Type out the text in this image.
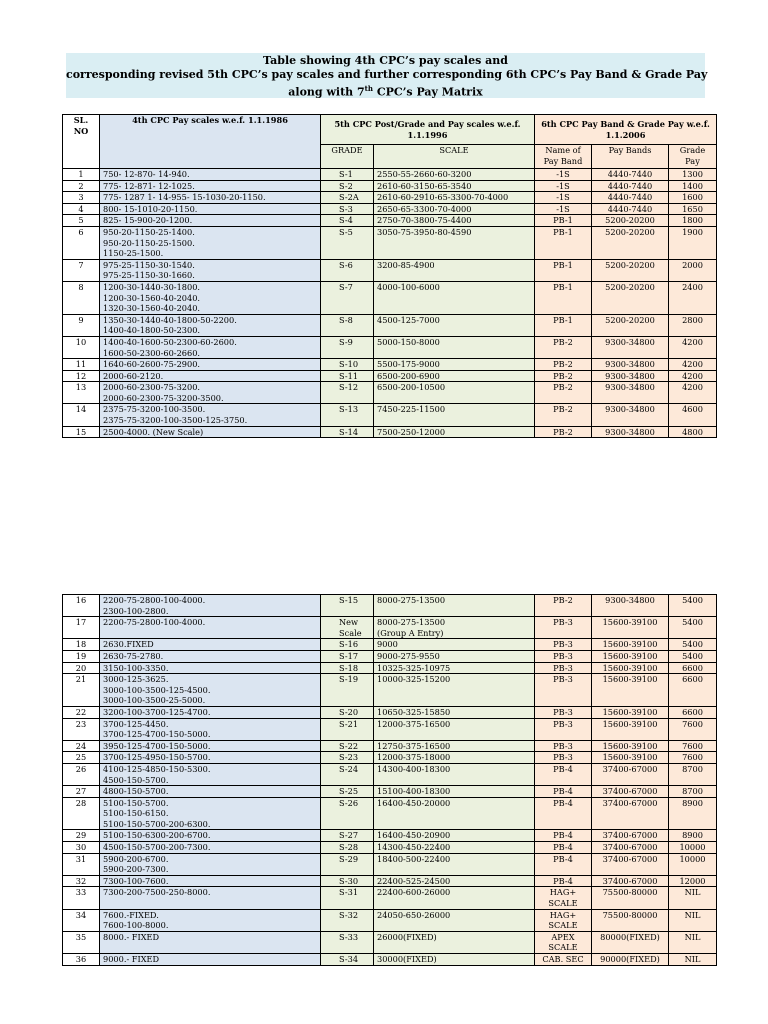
Table showing 4th CPC’s pay scales and
corresponding revised 5th CPC’s pay scales and further corresponding 6th CPC’s Pay Band & Grade Pay
along with 7th CPC’s Pay Matrix
SL. NO	4th CPC Pay scales w.e.f. 1.1.1986	5th CPC Post/Grade and Pay scales w.e.f. 1.1.1996		6th CPC Pay Band & Grade Pay w.e.f. 1.1.2006		
		GRADE	SCALE	Name of Pay Band	Pay Bands	Grade Pay
1	750- 12-870- 14-940.	S-1	2550-55-2660-60-3200	-1S	4440-7440	1300
2	775- 12-871- 12-1025.	S-2	2610-60-3150-65-3540	-1S	4440-7440	1400
3	775- 1287 1- 14-955- 15-1030-20-1150.	S-2A	2610-60-2910-65-3300-70-4000	-1S	4440-7440	1600
4	800- 15-1010-20-1150.	S-3	2650-65-3300-70-4000	-1S	4440-7440	1650
5	825- 15-900-20-1200.	S-4	2750-70-3800-75-4400	PB-1	5200-20200	1800
6	950-20-1150-25-1400.
950-20-1150-25-1500.
1150-25-1500.	S-5	3050-75-3950-80-4590	PB-1	5200-20200	1900
7	975-25-1150-30-1540.
975-25-1150-30-1660.	S-6	3200-85-4900	PB-1	5200-20200	2000
8	1200-30-1440-30-1800.
1200-30-1560-40-2040.
1320-30-1560-40-2040.	S-7	4000-100-6000	PB-1	5200-20200	2400
9	1350-30-1440-40-1800-50-2200.
1400-40-1800-50-2300.	S-8	4500-125-7000	PB-1	5200-20200	2800
10	1400-40-1600-50-2300-60-2600.
1600-50-2300-60-2660.	S-9	5000-150-8000	PB-2	9300-34800	4200
11	1640-60-2600-75-2900.	S-10	5500-175-9000	PB-2	9300-34800	4200
12	2000-60-2120.	S-11	6500-200-6900	PB-2	9300-34800	4200
13	2000-60-2300-75-3200.
2000-60-2300-75-3200-3500.	S-12	6500-200-10500	PB-2	9300-34800	4200
14	2375-75-3200-100-3500.
2375-75-3200-100-3500-125-3750.	S-13	7450-225-11500	PB-2	9300-34800	4600
15	2500-4000. (New Scale)	S-14	7500-250-12000	PB-2	9300-34800	4800
16	2200-75-2800-100-4000.
2300-100-2800.	S-15	8000-275-13500	PB-2	9300-34800	5400
17	2200-75-2800-100-4000.	New Scale	8000-275-13500
(Group A Entry)	PB-3	15600-39100	5400
18	2630.FIXED	S-16	9000	PB-3	15600-39100	5400
19	2630-75-2780.	S-17	9000-275-9550	PB-3	15600-39100	5400
20	3150-100-3350.	S-18	10325-325-10975	PB-3	15600-39100	6600
21	3000-125-3625.
3000-100-3500-125-4500.
3000-100-3500-25-5000.	S-19	10000-325-15200	PB-3	15600-39100	6600
22	3200-100-3700-125-4700.	S-20	10650-325-15850	PB-3	15600-39100	6600
23	3700-125-4450.
3700-125-4700-150-5000.	S-21	12000-375-16500	PB-3	15600-39100	7600
24	3950-125-4700-150-5000.	S-22	12750-375-16500	PB-3	15600-39100	7600
25	3700-125-4950-150-5700.	S-23	12000-375-18000	PB-3	15600-39100	7600
26	4100-125-4850-150-5300.
4500-150-5700.	S-24	14300-400-18300	PB-4	37400-67000	8700
27	4800-150-5700.	S-25	15100-400-18300	PB-4	37400-67000	8700
28	5100-150-5700.
5100-150-6150.
5100-150-5700-200-6300.	S-26	16400-450-20000	PB-4	37400-67000	8900
29	5100-150-6300-200-6700.	S-27	16400-450-20900	PB-4	37400-67000	8900
30	4500-150-5700-200-7300.	S-28	14300-450-22400	PB-4	37400-67000	10000
31	5900-200-6700.
5900-200-7300.	S-29	18400-500-22400	PB-4	37400-67000	10000
32	7300-100-7600.	S-30	22400-525-24500	PB-4	37400-67000	12000
33	7300-200-7500-250-8000.	S-31	22400-600-26000	HAG+
SCALE	75500-80000	NIL
34	7600.-FIXED.
7600-100-8000.	S-32	24050-650-26000	HAG+
SCALE	75500-80000	NIL
35	8000.- FIXED	S-33	26000(FIXED)	APEX
SCALE	80000(FIXED)	NIL
36	9000.- FIXED	S-34	30000(FIXED)	CAB. SEC	90000(FIXED)	NIL
